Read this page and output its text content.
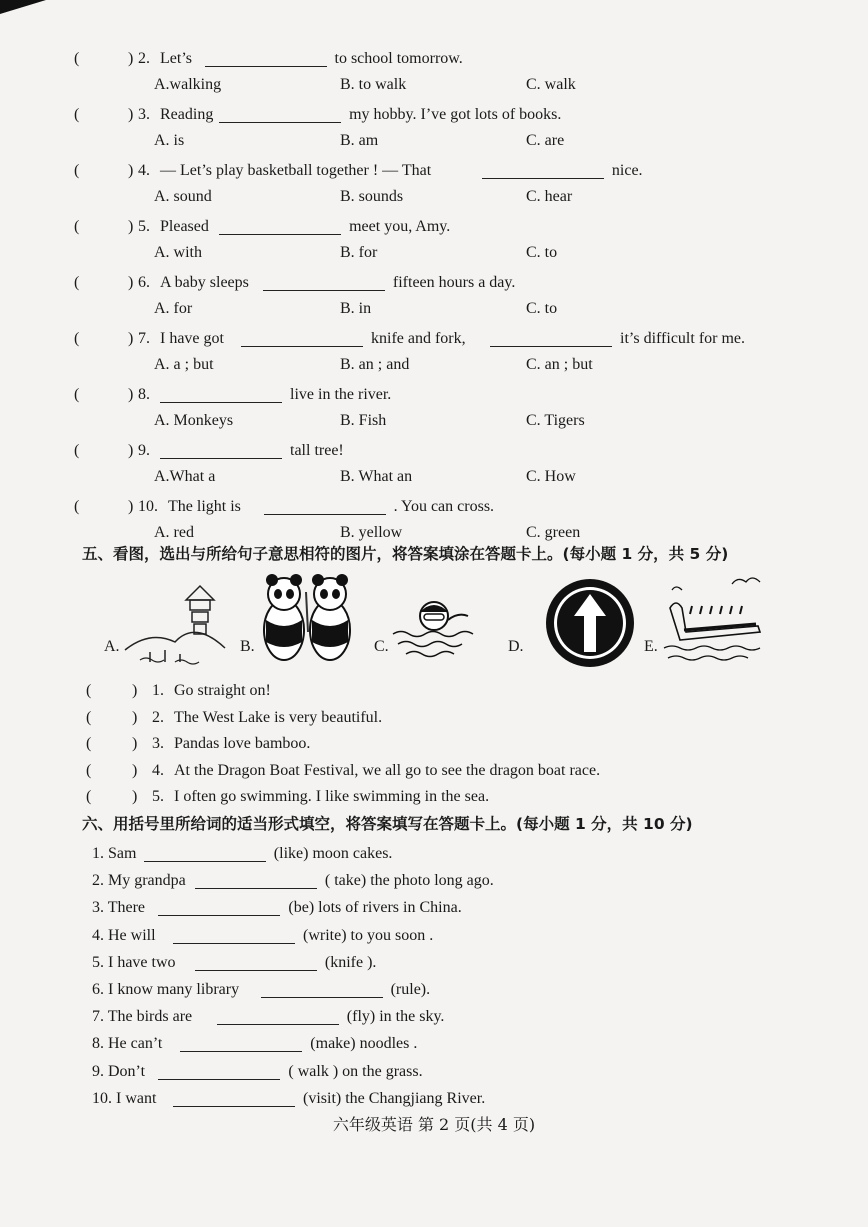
(	) 2. Let’s	to school tomorrow.
A.walking	B. to walk	C. walk
(	) 3. Reading	my hobby. I’ve got lots of books.
A. is	B. am	C. are
(	) 4. — Let’s play basketball together ! — That	nice.
A. sound	B. sounds	C. hear
(	) 5. Pleased	meet you, Amy.
A. with	B. for	C. to
(	) 6. A baby sleeps	fifteen hours a day.
A. for	B. in	C. to
(	) 7. I have got	knife and fork,	it’s difficult for me.
A. a ; but	B. an ; and	C. an ; but
(	) 8.	live in the river.
A. Monkeys	B. Fish	C. Tigers
(	) 9.	tall tree!
A.What a	B. What an	C. How
(	) 10. The light is	. You can cross.
A. red	B. yellow	C. green
五、看图，选出与所给句子意思相符的图片，将答案填涂在答题卡上。(每小题 1 分，共 5 分)
A.	B.	C.	D.	E.
(	) 1. Go straight on!
(	) 2. The West Lake is very beautiful.
(	) 3. Pandas love bamboo.
(	) 4. At the Dragon Boat Festival, we all go to see the dragon boat race.
(	) 5. I often go swimming. I like swimming in the sea.
六、用括号里所给词的适当形式填空，将答案填写在答题卡上。(每小题 1 分，共 10 分)
1. Sam	(like) moon cakes.
2. My grandpa	( take) the photo long ago.
3. There	(be) lots of rivers in China.
4. He will	(write) to you soon .
5. I have two	(knife ).
6. I know many library	(rule).
7. The birds are	(fly) in the sky.
8. He can’t	(make) noodles .
9. Don’t	( walk ) on the grass.
10. I want	(visit) the Changjiang River.
六年级英语 第 2 页(共 4 页)
